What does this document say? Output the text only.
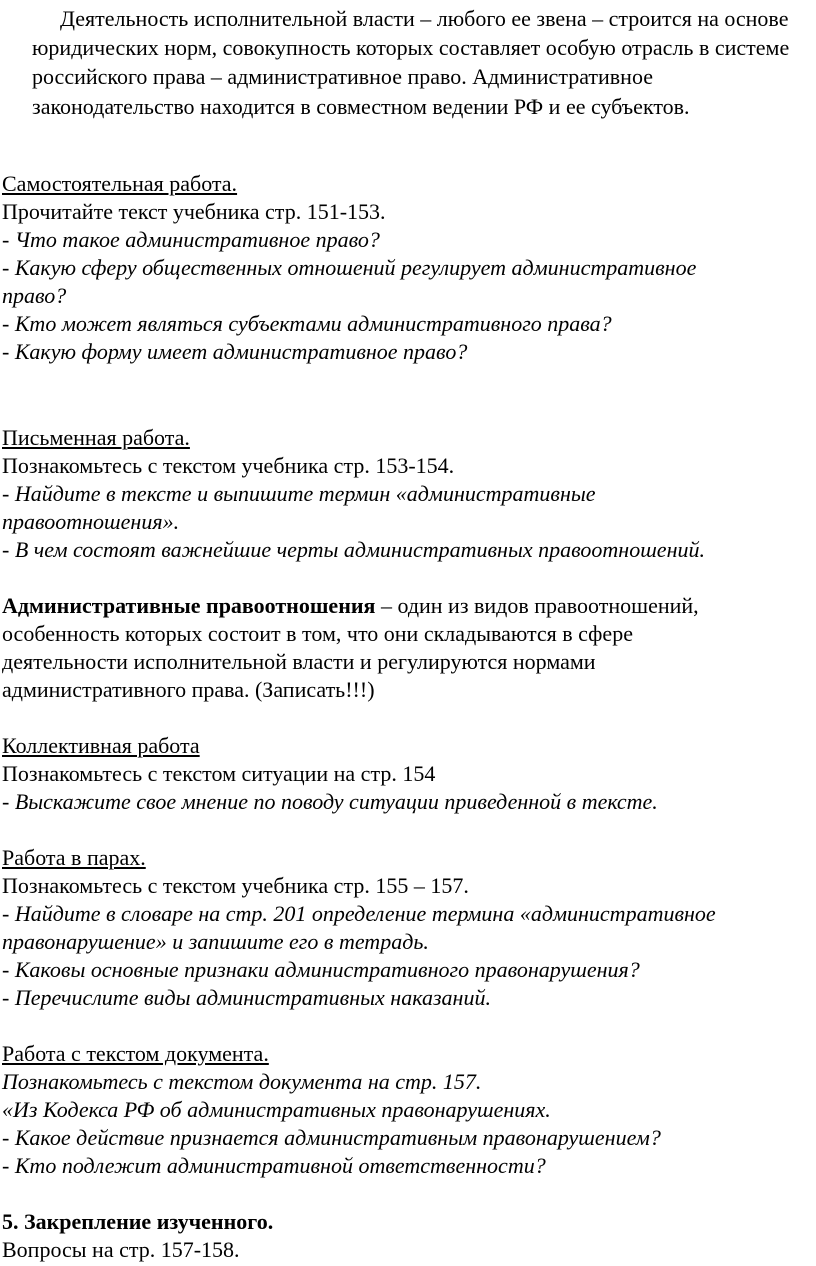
Деятельность исполнительной власти – любого ее звена – строится на основе юридических норм, совокупность которых составляет особую отрасль в системе российского права – административное право. Административное законодательство находится в совместном ведении РФ и ее субъектов.

Самостоятельная работа.
Прочитайте текст учебника стр. 151-153.
- Что такое административное право?
- Какую сферу общественных отношений регулирует административное
право?
- Кто может являться субъектами административного права?
- Какую форму имеет административное право?
Письменная работа.
Познакомьтесь с текстом учебника стр. 153-154.
- Найдите в тексте и выпишите термин «административные
правоотношения».
- В чем состоят важнейшие черты административных правоотношений.
Административные правоотношения – один из видов правоотношений,
особенность которых состоит в том, что они складываются в сфере
деятельности исполнительной власти и регулируются нормами
административного права. (Записать!!!)
Коллективная работа
Познакомьтесь с текстом ситуации на стр. 154
- Выскажите свое мнение по поводу ситуации приведенной в тексте.
Работа в парах.
Познакомьтесь с текстом учебника стр. 155 – 157.
- Найдите в словаре на стр. 201 определение термина «административное
правонарушение» и запишите его в тетрадь.
- Каковы основные признаки административного правонарушения?
- Перечислите виды административных наказаний.
Работа с текстом документа.
Познакомьтесь с текстом документа на стр. 157.
«Из Кодекса РФ об административных правонарушениях.
- Какое действие признается административным правонарушением?
- Кто подлежит административной ответственности?
5. Закрепление изученного.
Вопросы на стр. 157-158.
